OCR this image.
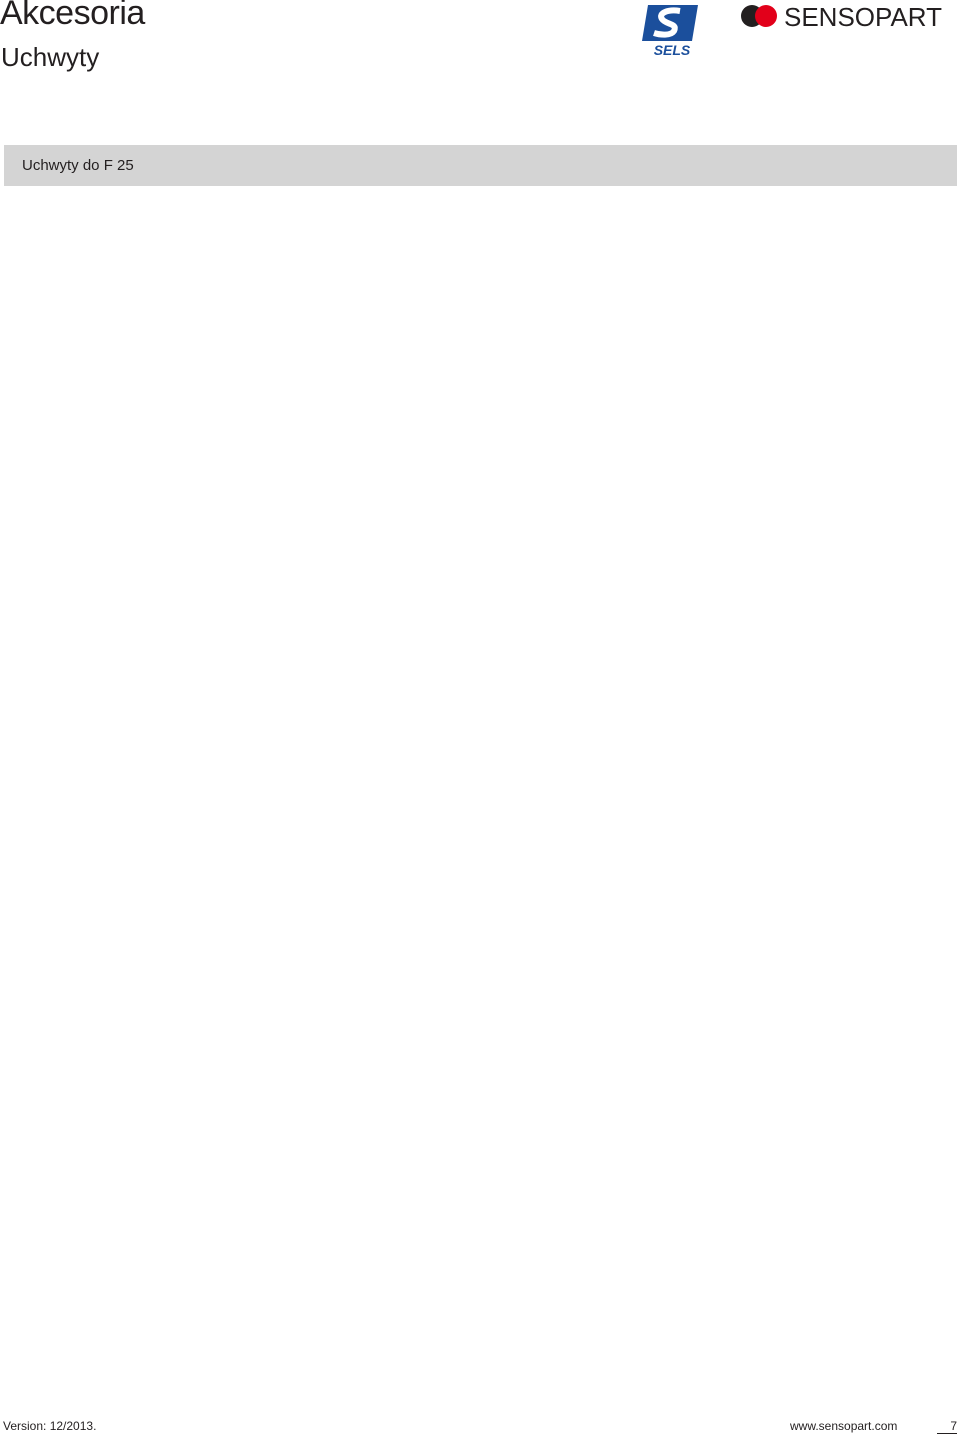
Akcesoria
Uchwyty	SELS
SENSOPART
Uchwyty do F 25
Version: 12/2013.	www.sensopart.com	7
